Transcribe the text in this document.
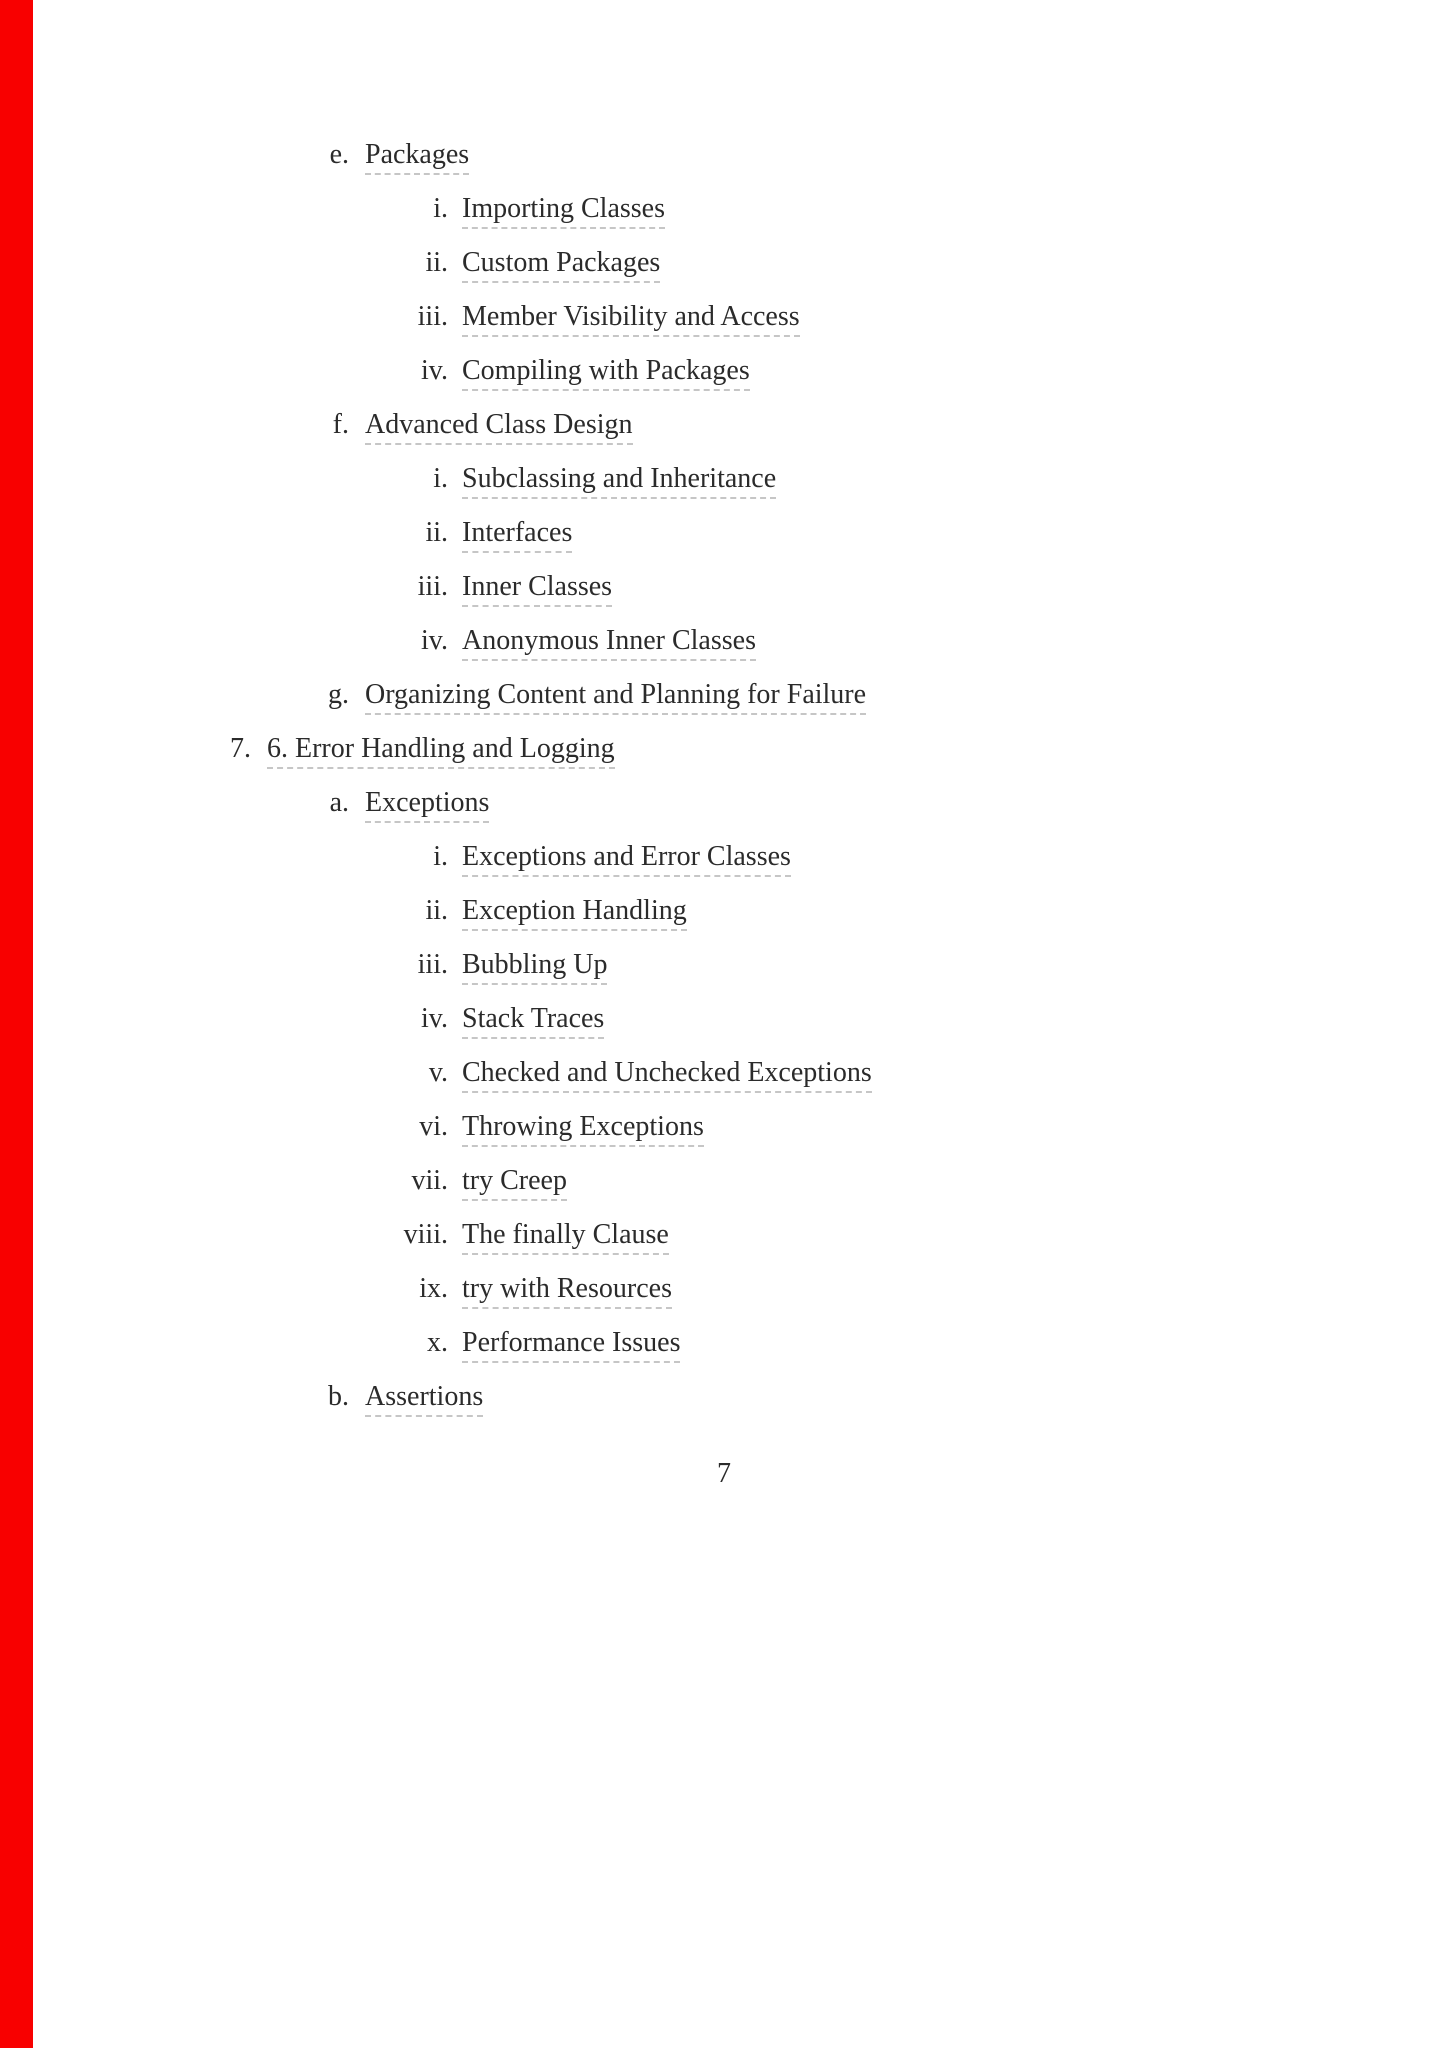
e. Packages
i. Importing Classes
ii. Custom Packages
iii. Member Visibility and Access
iv. Compiling with Packages
f. Advanced Class Design
i. Subclassing and Inheritance
ii. Interfaces
iii. Inner Classes
iv. Anonymous Inner Classes
g. Organizing Content and Planning for Failure
7. 6. Error Handling and Logging
a. Exceptions
i. Exceptions and Error Classes
ii. Exception Handling
iii. Bubbling Up
iv. Stack Traces
v. Checked and Unchecked Exceptions
vi. Throwing Exceptions
vii. try Creep
viii. The finally Clause
ix. try with Resources
x. Performance Issues
b. Assertions
7
